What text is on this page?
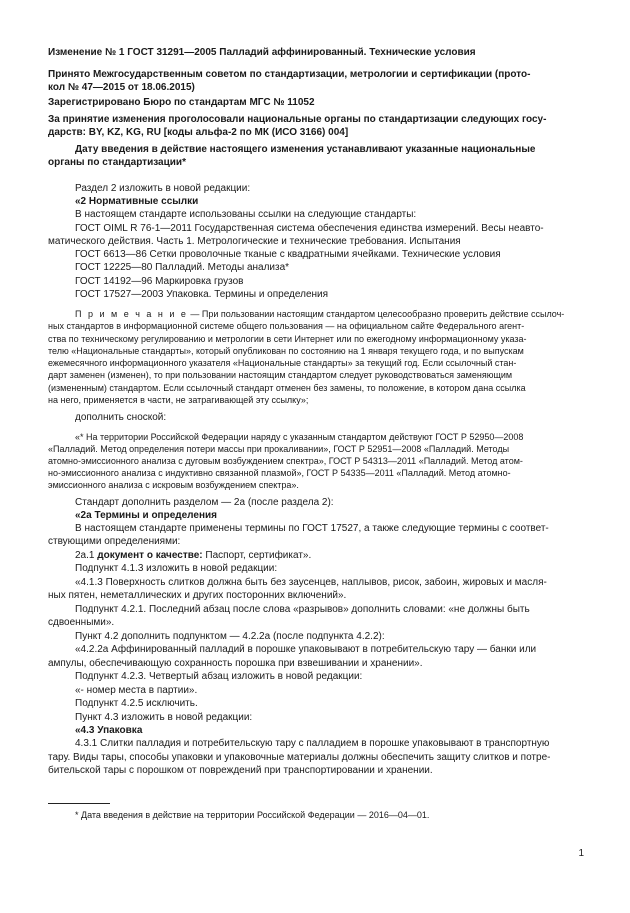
Изменение № 1 ГОСТ 31291—2005 Палладий аффинированный. Технические условия

Принято Межгосударственным советом по стандартизации, метрологии и сертификации (прото-

кол № 47—2015 от 18.06.2015)

Зарегистрировано Бюро по стандартам МГС № 11052

За принятие изменения проголосовали национальные органы по стандартизации следующих госу-

дарств: BY, KZ, KG, RU [коды альфа-2 по МК (ИСО 3166) 004]

Дату введения в действие настоящего изменения устанавливают указанные национальные

органы по стандартизации*

Раздел 2 изложить в новой редакции:

«2 Нормативные ссылки

В настоящем стандарте использованы ссылки на следующие стандарты:

ГОСТ OIML R 76-1—2011 Государственная система обеспечения единства измерений. Весы неавто-

матического действия. Часть 1. Метрологические и технические требования. Испытания

ГОСТ 6613—86 Сетки проволочные тканые с квадратными ячейками. Технические условия

ГОСТ 12225—80 Палладий. Методы анализа*

ГОСТ 14192—96 Маркировка грузов

ГОСТ 17527—2003 Упаковка. Термины и определения

П р и м е ч а н и е — При пользовании настоящим стандартом целесообразно проверить действие ссылоч-

ных стандартов в информационной системе общего пользования — на официальном сайте Федерального агент-

ства по техническому регулированию и метрологии в сети Интернет или по ежегодному информационному указа-

телю «Национальные стандарты», который опубликован по состоянию на 1 января текущего года, и по выпускам

ежемесячного информационного указателя «Национальные стандарты» за текущий год. Если ссылочный стан-

дарт заменен (изменен), то при пользовании настоящим стандартом следует руководствоваться заменяющим

(измененным) стандартом. Если ссылочный стандарт отменен без замены, то положение, в котором дана ссылка

на него, применяется в части, не затрагивающей эту ссылку»;

дополнить сноской:

«* На территории Российской Федерации наряду с указанным стандартом действуют ГОСТ Р 52950—2008

«Палладий. Метод определения потери массы при прокаливании», ГОСТ Р 52951—2008 «Палладий. Методы

атомно-эмиссионного анализа с дуговым возбуждением спектра», ГОСТ Р 54313—2011 «Палладий. Метод атом-

но-эмиссионного анализа с индуктивно связанной плазмой», ГОСТ Р 54335—2011 «Палладий. Метод атомно-

эмиссионного анализа с искровым возбуждением спектра».

Стандарт дополнить разделом — 2а (после раздела 2):

«2а Термины и определения

В настоящем стандарте применены термины по ГОСТ 17527, а также следующие термины с соответ-

ствующими определениями:

2а.1 документ о качестве: Паспорт, сертификат».

Подпункт 4.1.3 изложить в новой редакции:

«4.1.3 Поверхность слитков должна быть без заусенцев, наплывов, рисок, забоин, жировых и масля-

ных пятен, неметаллических и других посторонних включений».

Подпункт 4.2.1. Последний абзац после слова «разрывов» дополнить словами: «не должны быть

сдвоенными».

Пункт 4.2 дополнить подпунктом — 4.2.2а (после подпункта 4.2.2):

«4.2.2а Аффинированный палладий в порошке упаковывают в потребительскую тару — банки или

ампулы, обеспечивающую сохранность порошка при взвешивании и хранении».

Подпункт 4.2.3. Четвертый абзац изложить в новой редакции:

«- номер места в партии».

Подпункт 4.2.5 исключить.

Пункт 4.3 изложить в новой редакции:

«4.3 Упаковка

4.3.1 Слитки палладия и потребительскую тару с палладием в порошке упаковывают в транспортную

тару. Виды тары, способы упаковки и упаковочные материалы должны обеспечить защиту слитков и потре-

бительской тары с порошком от повреждений при транспортировании и хранении.

* Дата введения в действие на территории Российской Федерации — 2016—04—01.

1
